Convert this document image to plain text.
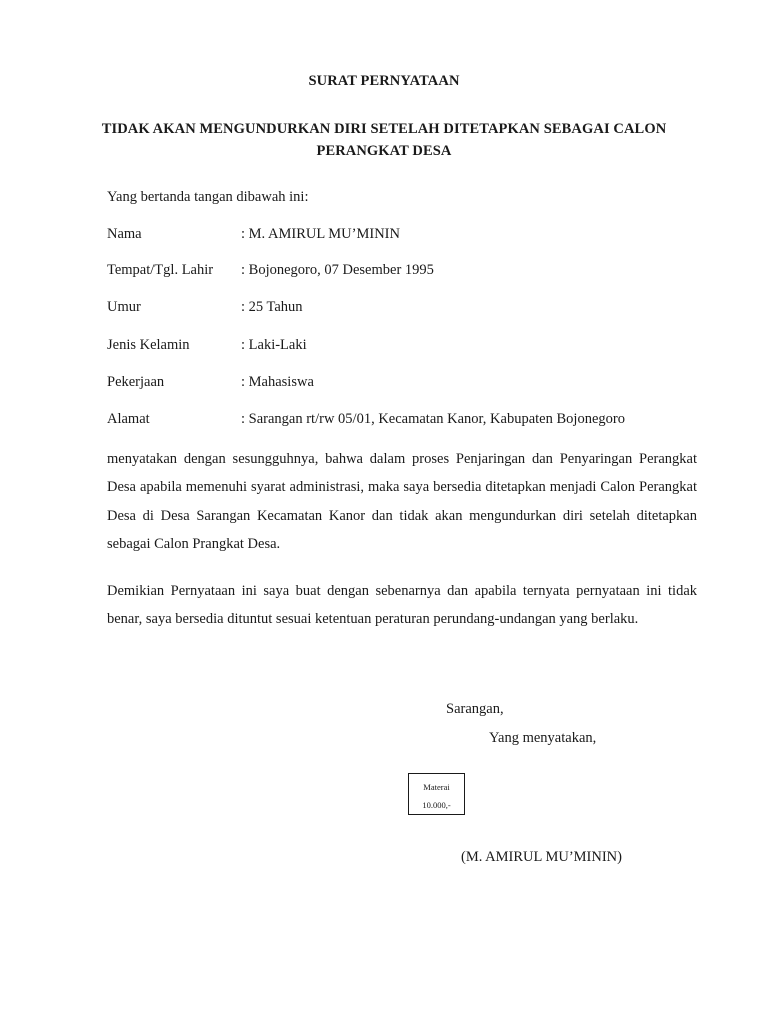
SURAT PERNYATAAN
TIDAK AKAN MENGUNDURKAN DIRI SETELAH DITETAPKAN SEBAGAI CALON
PERANGKAT DESA
Yang bertanda tangan dibawah ini:
Nama	: M. AMIRUL MU’MININ
Tempat/Tgl. Lahir : Bojonegoro, 07 Desember 1995
Umur	: 25 Tahun
Jenis Kelamin	: Laki-Laki
Pekerjaan	: Mahasiswa
Alamat	: Sarangan rt/rw 05/01, Kecamatan Kanor, Kabupaten Bojonegoro
menyatakan dengan sesungguhnya, bahwa dalam proses Penjaringan dan Penyaringan Perangkat Desa apabila memenuhi syarat administrasi, maka saya bersedia ditetapkan menjadi Calon Perangkat Desa di Desa Sarangan Kecamatan Kanor dan tidak akan mengundurkan diri setelah ditetapkan sebagai Calon Prangkat Desa.
Demikian Pernyataan ini saya buat dengan sebenarnya dan apabila ternyata pernyataan ini tidak benar, saya bersedia dituntut sesuai ketentuan peraturan perundang-undangan yang berlaku.
Sarangan,
Yang menyatakan,
Materai
10.000,-
(M. AMIRUL MU’MININ)
